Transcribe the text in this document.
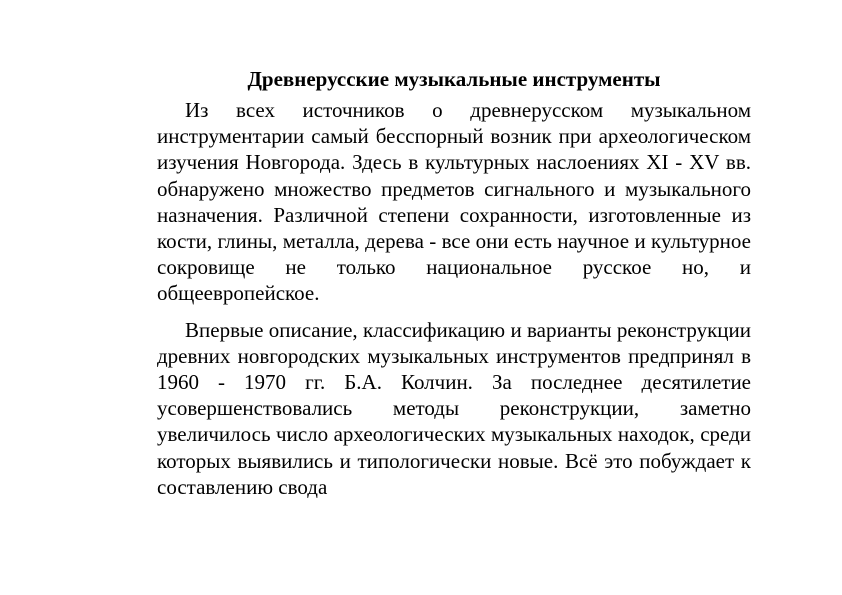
Древнерусские музыкальные инструменты

Из всех источников о древнерусском музыкальном инструментарии самый бесспорный возник при археологическом изучения Новгорода. Здесь в культурных наслоениях XI - XV вв. обнаружено множество предметов сигнального и музыкального назначения. Различной степени сохранности, изготовленные из кости, глины, металла, дерева - все они есть научное и культурное сокровище не только национальное русское но, и общеевропейское.

Впервые описание, классификацию и варианты реконструкции древних новгородских музыкальных инструментов предпринял в 1960 - 1970 гг. Б.А. Колчин. За последнее десятилетие усовершенствовались методы реконструкции, заметно увеличилось число археологических музыкальных находок, среди которых выявились и типологически новые. Всё это побуждает к составлению свода
